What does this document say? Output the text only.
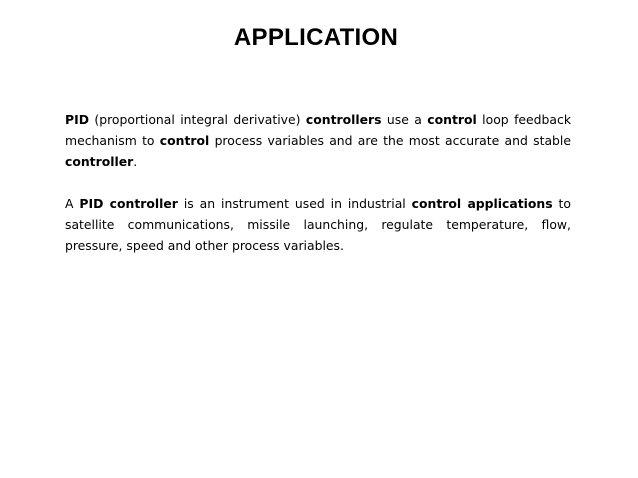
APPLICATION

PID (proportional integral derivative) controllers use a control loop feedback mechanism to control process variables and are the most accurate and stable controller.

A PID controller is an instrument used in industrial control applications to satellite communications, missile launching, regulate temperature, flow, pressure, speed and other process variables.
